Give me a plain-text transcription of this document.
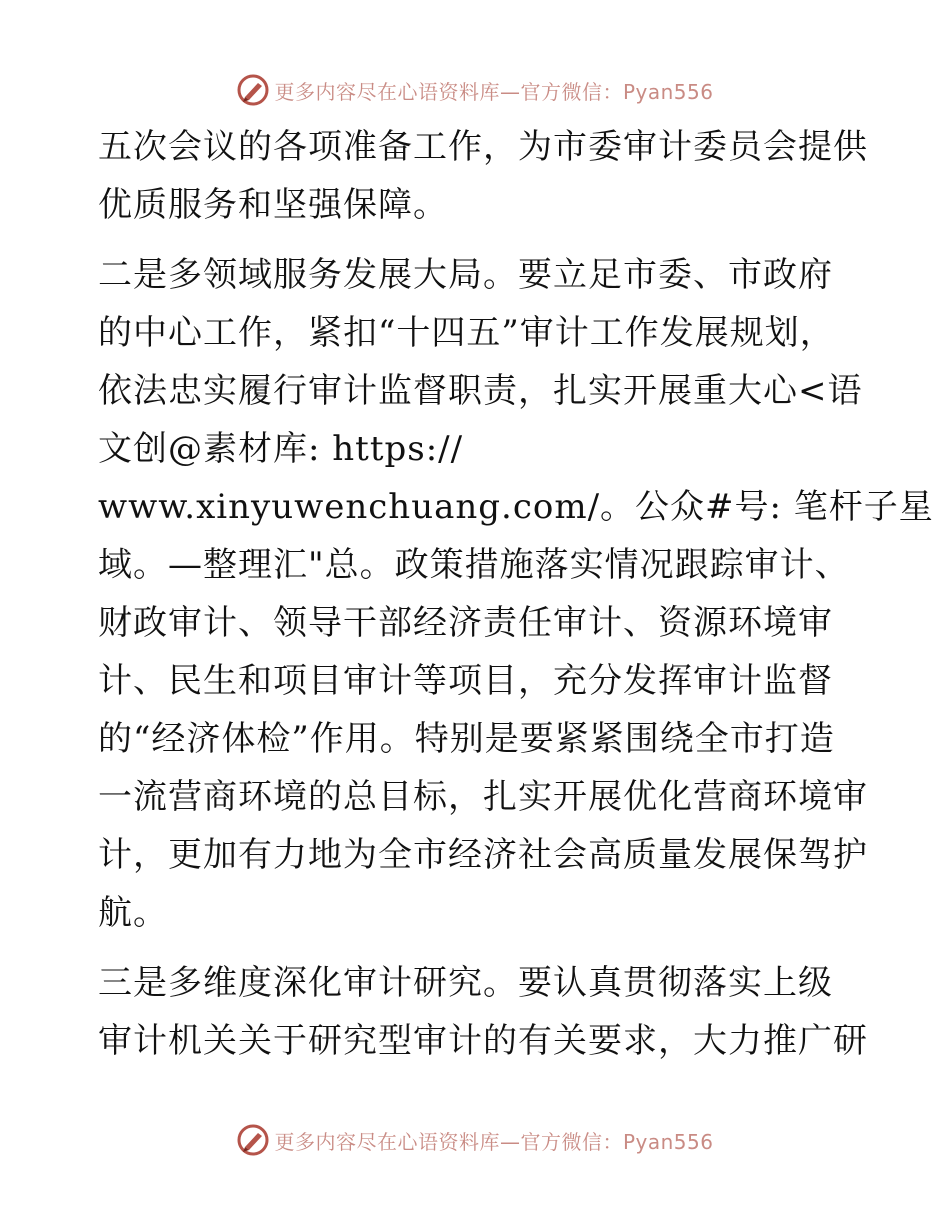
更多内容尽在心语资料库—官方微信：Pyan556
五次会议的各项准备工作，为市委审计委员会提供
优质服务和坚强保障。
二是多领域服务发展大局。要立足市委、市政府
的中心工作，紧扣“十四五”审计工作发展规划，
依法忠实履行审计监督职责，扎实开展重大心<语
文创@素材库: https://
www.xinyuwenchuang.com/。公众#号: 笔杆子星
域。—整理汇"总。政策措施落实情况跟踪审计、
财政审计、领导干部经济责任审计、资源环境审
计、民生和项目审计等项目，充分发挥审计监督
的“经济体检”作用。特别是要紧紧围绕全市打造
一流营商环境的总目标，扎实开展优化营商环境审
计，更加有力地为全市经济社会高质量发展保驾护
航。
三是多维度深化审计研究。要认真贯彻落实上级
审计机关关于研究型审计的有关要求，大力推广研
更多内容尽在心语资料库—官方微信：Pyan556
